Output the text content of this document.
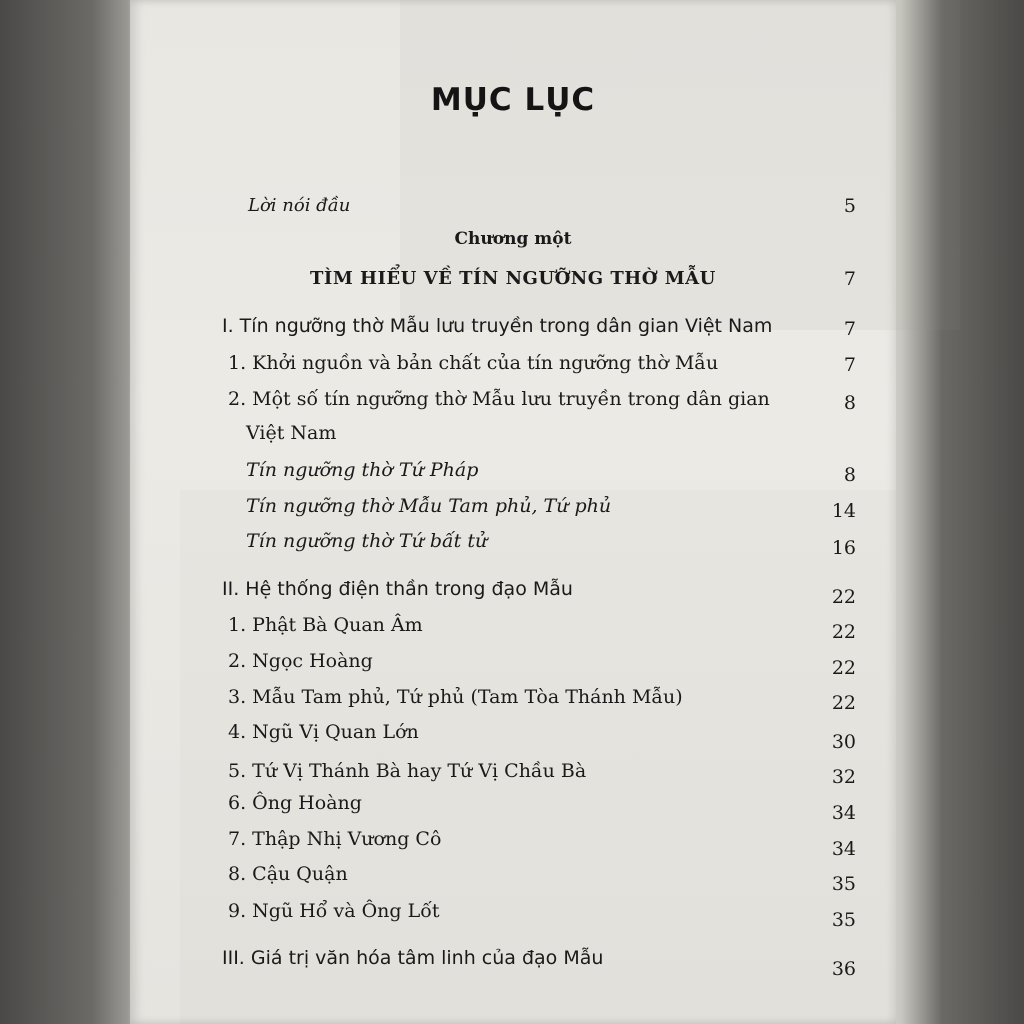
MỤC LỤC
Lời nói đầu	5
Chương một
TÌM HIỂU VỀ TÍN NGƯỠNG THỜ MẪU	7
I. Tín ngưỡng thờ Mẫu lưu truyền trong dân gian Việt Nam	7
1. Khởi nguồn và bản chất của tín ngưỡng thờ Mẫu	7
2. Một số tín ngưỡng thờ Mẫu lưu truyền trong dân gian	8
Việt Nam
Tín ngưỡng thờ Tứ Pháp	8
Tín ngưỡng thờ Mẫu Tam phủ, Tứ phủ	14
Tín ngưỡng thờ Tứ bất tử	16
II. Hệ thống điện thần trong đạo Mẫu	22
1. Phật Bà Quan Âm	22
2. Ngọc Hoàng	22
3. Mẫu Tam phủ, Tứ phủ (Tam Tòa Thánh Mẫu)	22
4. Ngũ Vị Quan Lớn	30
5. Tứ Vị Thánh Bà hay Tứ Vị Chầu Bà	32
6. Ông Hoàng	34
7. Thập Nhị Vương Cô	34
8. Cậu Quận	35
9. Ngũ Hổ và Ông Lốt	35
III. Giá trị văn hóa tâm linh của đạo Mẫu	36
